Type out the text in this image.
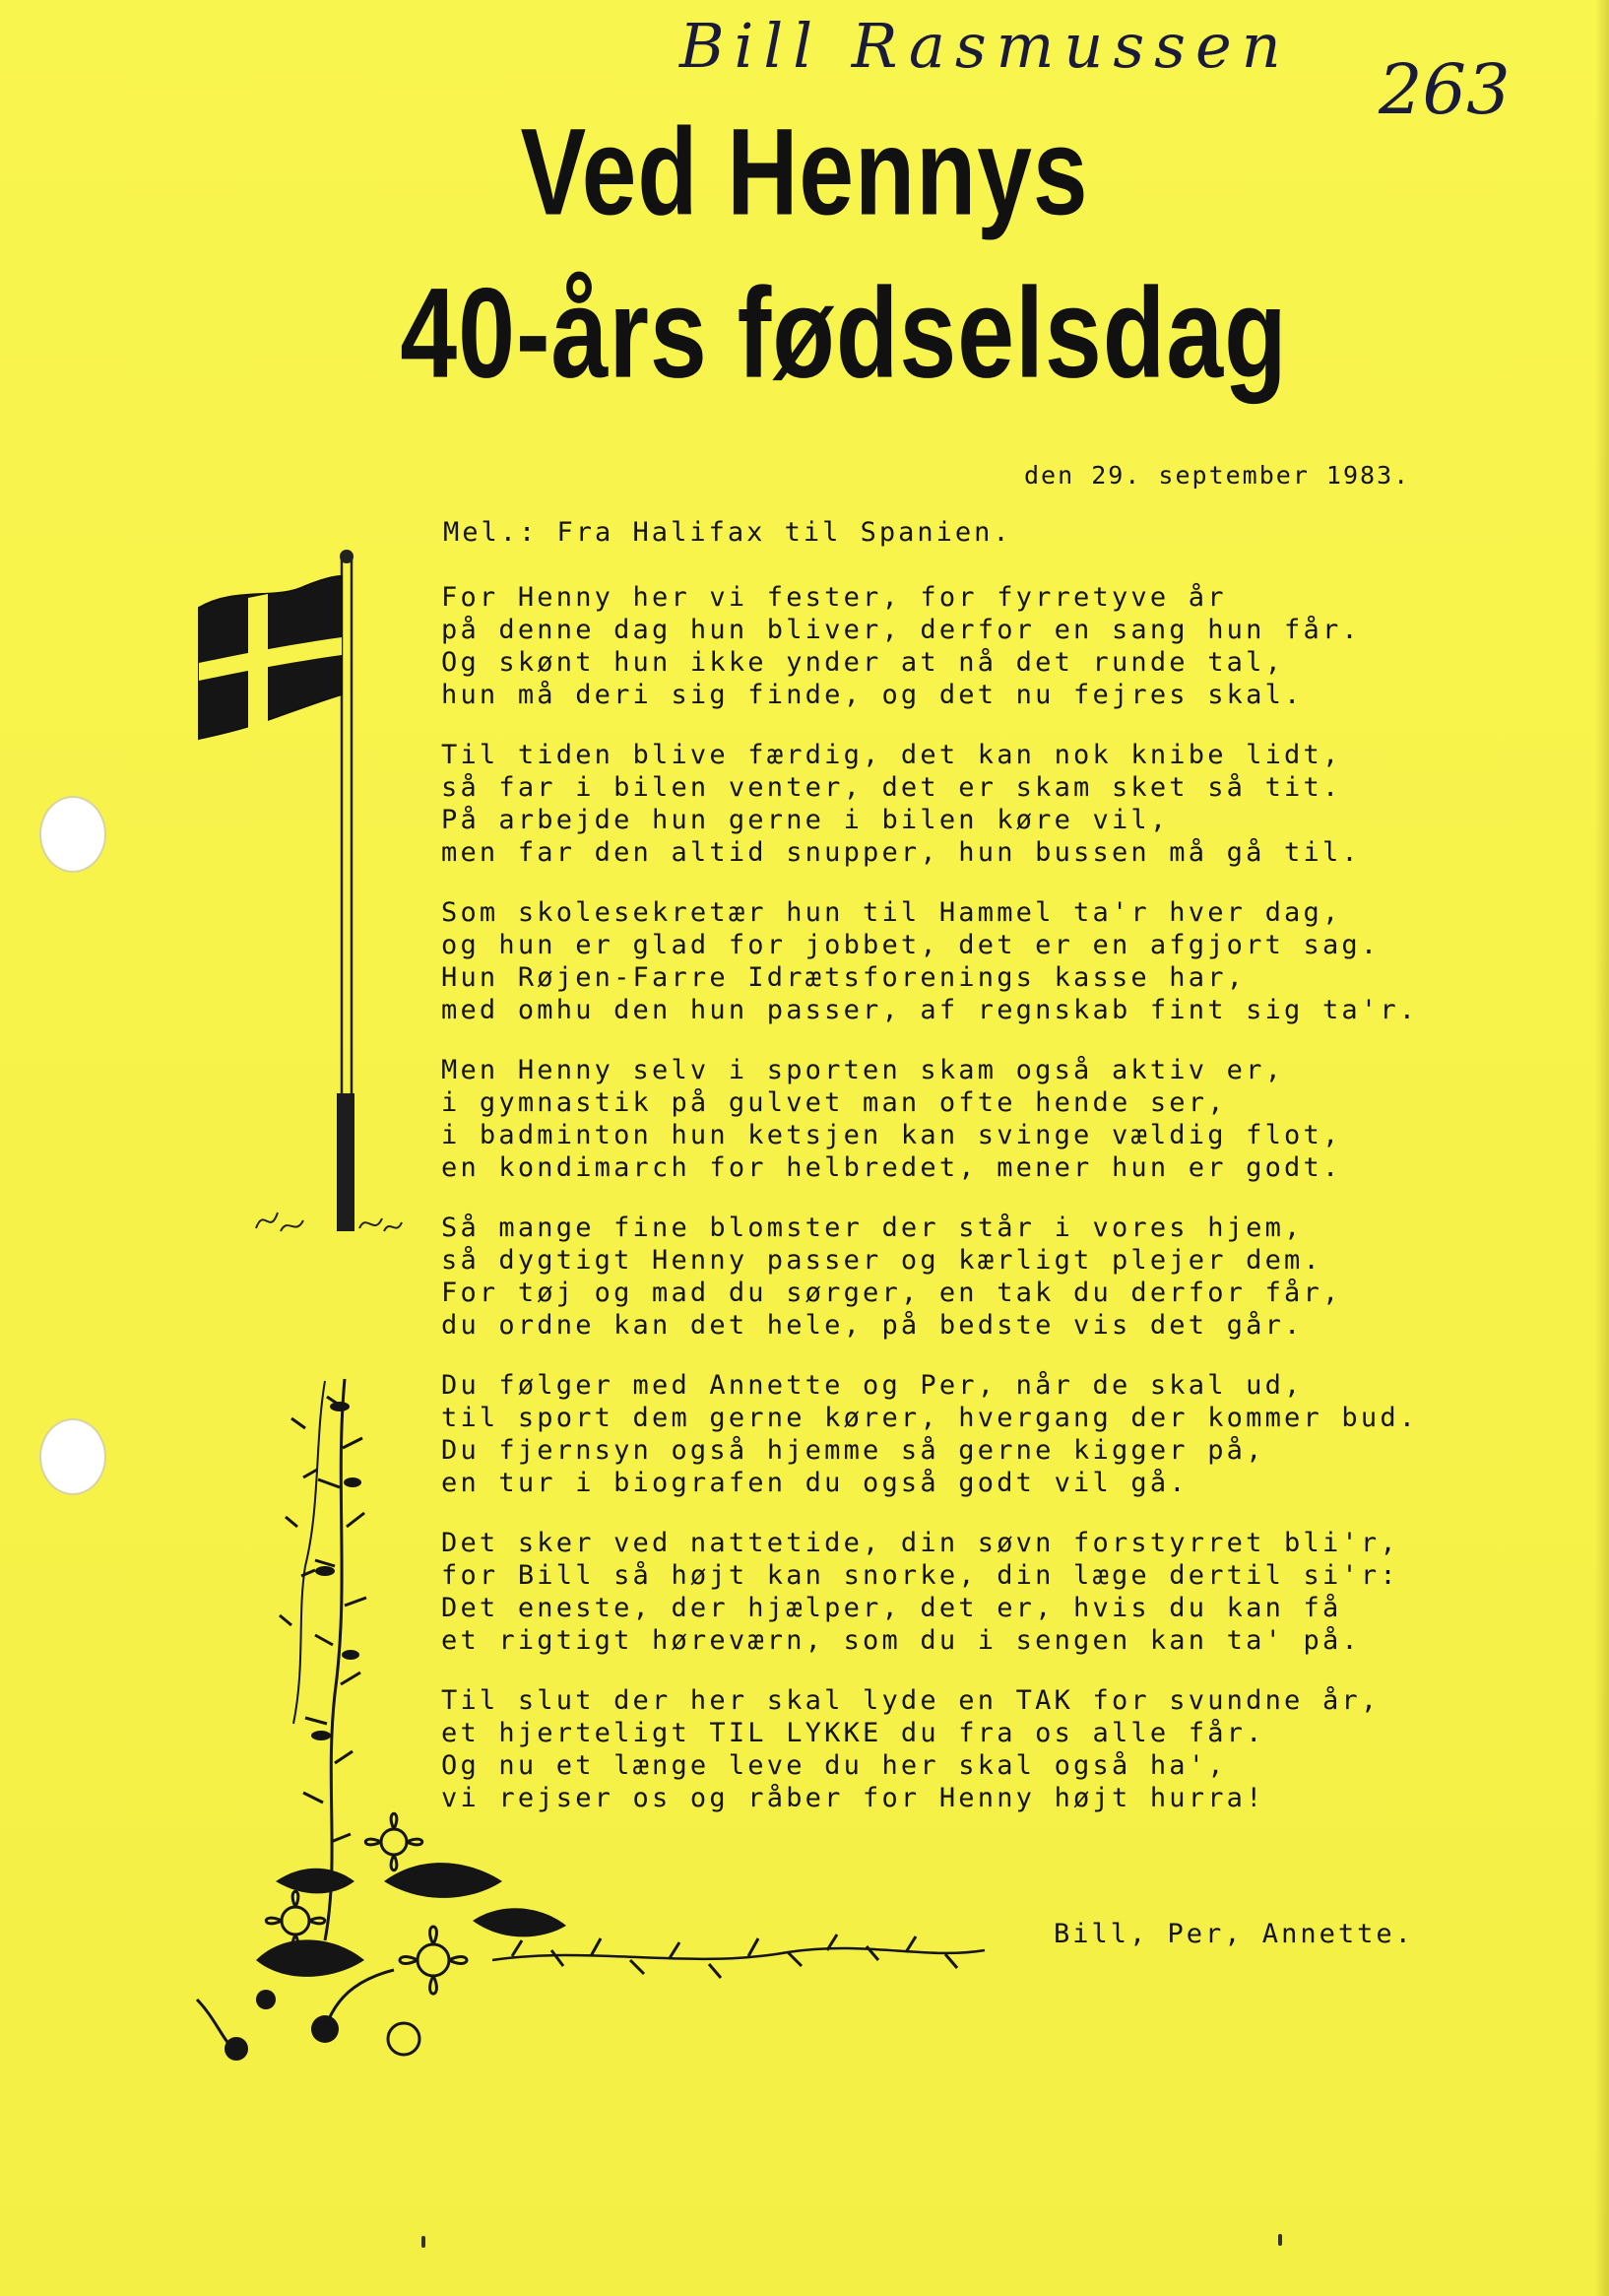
Bill Rasmussen
263
Ved Hennys
40-års fødselsdag
den 29. september 1983.
Mel.: Fra Halifax til Spanien.
For Henny her vi fester, for fyrretyve år
på denne dag hun bliver, derfor en sang hun får.
Og skønt hun ikke ynder at nå det runde tal,
hun må deri sig finde, og det nu fejres skal.
Til tiden blive færdig, det kan nok knibe lidt,
så far i bilen venter, det er skam sket så tit.
På arbejde hun gerne i bilen køre vil,
men far den altid snupper, hun bussen må gå til.
Som skolesekretær hun til Hammel ta'r hver dag,
og hun er glad for jobbet, det er en afgjort sag.
Hun Røjen-Farre Idrætsforenings kasse har,
med omhu den hun passer, af regnskab fint sig ta'r.
Men Henny selv i sporten skam også aktiv er,
i gymnastik på gulvet man ofte hende ser,
i badminton hun ketsjen kan svinge vældig flot,
en kondimarch for helbredet, mener hun er godt.
Så mange fine blomster der står i vores hjem,
så dygtigt Henny passer og kærligt plejer dem.
For tøj og mad du sørger, en tak du derfor får,
du ordne kan det hele, på bedste vis det går.
Du følger med Annette og Per, når de skal ud,
til sport dem gerne kører, hvergang der kommer bud.
Du fjernsyn også hjemme så gerne kigger på,
en tur i biografen du også godt vil gå.
Det sker ved nattetide, din søvn forstyrret bli'r,
for Bill så højt kan snorke, din læge dertil si'r:
Det eneste, der hjælper, det er, hvis du kan få
et rigtigt høreværn, som du i sengen kan ta' på.
Til slut der her skal lyde en TAK for svundne år,
et hjerteligt TIL LYKKE du fra os alle får.
Og nu et længe leve du her skal også ha',
vi rejser os og råber for Henny højt hurra!
Bill, Per, Annette.
